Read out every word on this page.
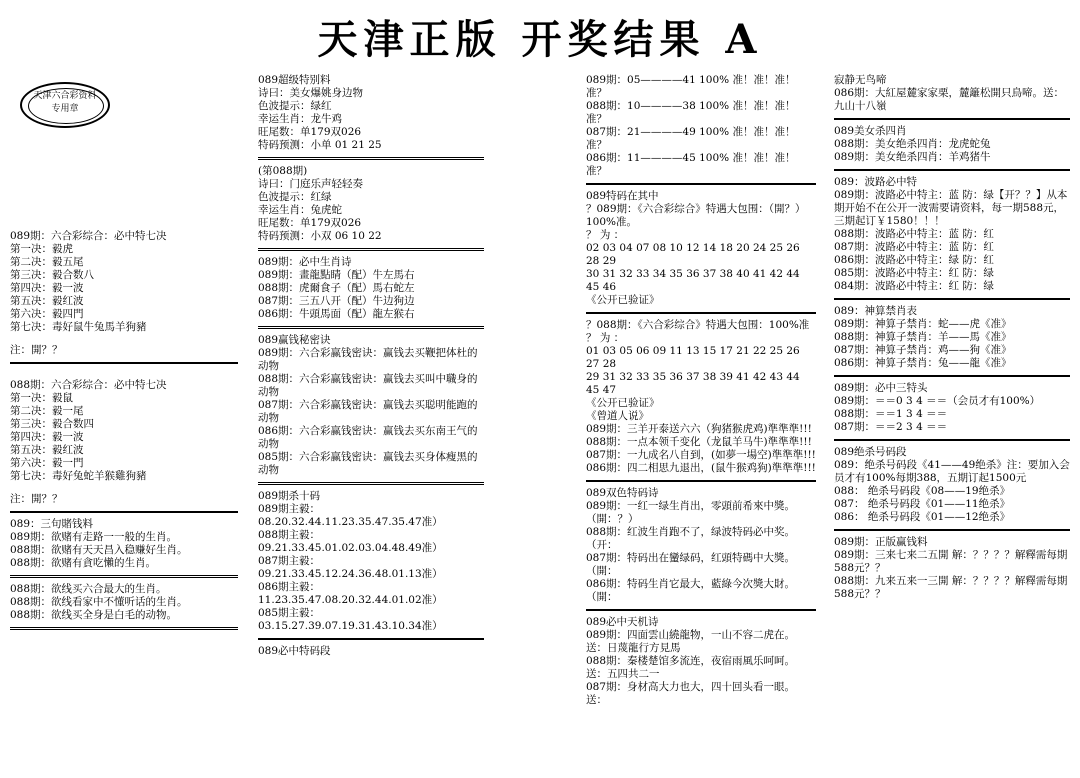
天津正版 开奖结果 A
天津六合彩资料
专用章

089期：六合彩综合：必中特七决

第一决：毅虎

第二决：毅五尾

第三决：毅合数八

第四决：毅一波

第五决：毅红波

第六决：毅四門

第七决：毒好鼠牛兔馬羊狗豬

注：開？？

088期：六合彩综合：必中特七决

第一决：毅鼠

第二决：毅一尾

第三决：毅合数四

第四决：毅一波

第五决：毅红波

第六决：毅一門

第七决：毒好兔蛇羊猴雞狗豬

注：開？？

089：三句賭钱料

089期：欲赌有走路一一般的生肖。

088期：欲赌有天天昌入稳赚好生肖。

088期：欲赌有貪吃懶的生肖。

088期：欲线买六合最大的生肖。

088期：欲线看家中不懂听话的生肖。

088期：欲线买全身是白毛的动物。

089超级特别料

诗曰：美女爆姚身边物

色波提示：绿红

幸运生肖：龙牛鸡

旺尾数：单179双026

特码预测：小单 01 21 25

(第088期)

诗曰：门庭乐声轻轻奏

色波提示：红绿

幸运生肖：兔虎蛇

旺尾数：单179双026

特码预测：小双 06 10 22

089期：必中生肖诗

089期：畫龍點睛（配）牛左馬右

088期：虎爾食子（配）馬右蛇左

087期：三五八开（配）牛边狗边

086期：牛頭馬面（配）龍左猴右

089赢钱秘密诀

089期：六合彩赢钱密诀：赢钱去买鞭把体杜的动物

088期：六合彩赢钱密诀：赢钱去买叫中職身的动物

087期：六合彩赢钱密诀：赢钱去买聪明能跑的动物

086期：六合彩赢钱密诀：赢钱去买东南王气的动物

085期：六合彩赢钱密诀：赢钱去买身体瘦黑的动物

089期杀十码

089期主毅： 08.20.32.44.11.23.35.47.35.47准）

088期主毅： 09.21.33.45.01.02.03.04.48.49准）

087期主毅： 09.21.33.45.12.24.36.48.01.13准）

086期主毅： 11.23.35.47.08.20.32.44.01.02准）

085期主毅： 03.15.27.39.07.19.31.43.10.34准）

089必中特码段

089期：05————41 100% 准！准！准！准？

088期：10————38 100% 准！准！准！准？

087期：21————49 100% 准！准！准！准？

086期：11————45 100% 准！准！准！准？

089特码在其中

？089期：《六合彩综合》特遇大包围：（開？）100%准。

？ 为 ：

02 03 04 07 08 10 12 14 18 20 24 25 26 28 29

30 31 32 33 34 35 36 37 38 40 41 42 44 45 46

《公开已验证》

？088期：《六合彩综合》特遇大包围：100%准

？ 为 ：

01 03 05 06 09 11 13 15 17 21 22 25 26 27 28

29 31 32 33 35 36 37 38 39 41 42 43 44 45 47

《公开已验证》

《曾道人说》

089期：三羊开泰送六六（狗猪猴虎鸡)準準準!!!

088期：一点本领千变化（龙鼠羊马牛)準準準!!!

087期：一九成名八自到，(如夢一場空)準準準!!!

086期：四二相思九退出，(鼠牛猴鸡狗)準準準!!!

089双色特码诗

089期：一红一绿生肖出，零頭前希來中獎。（開：？）

088期：红波生肖跑不了，绿波特码必中奖。（开：

087期：特码出在蠻绿码，红頭特碼中大獎。（開：

086期：特码生肖它最大，藍綠今次獎大財。（開：

089必中天机诗

089期：四面雲山繞龍物，一山不容二虎在。送：日蔑龍行方見馬

088期：秦楼楚馆多流连，夜宿雨風乐呵呵。送：五四共二一

087期：身材高大力也大，四十回头看一眼。送：

寂静无鸟啼

086期：大紅屋麓家家栗，麓籬松開只鳥啼。送：九山十八嶺

089美女杀四肖

088期：美女绝杀四肖：龙虎蛇兔

089期：美女绝杀四肖：羊鸡猪牛

089：波路必中特

089期：波路必中特主：蓝 防：绿【开？？】从本期开始不在公开一波需要请资料，每一期588元，三期起订￥1580！！！

088期：波路必中特主：蓝 防：红

087期：波路必中特主：蓝 防：红

086期：波路必中特主：绿 防：红

085期：波路必中特主：红 防：绿

084期：波路必中特主：红 防：绿

089：神算禁肖表

089期：神算子禁肖：蛇——虎《准》

088期：神算子禁肖：羊——馬《准》

087期：神算子禁肖：鸡——狗《准》

086期：神算子禁肖：兔——龍《准》

089期：必中三特头

089期：＝＝0 3 4 ＝＝（会员才有100%）

088期：＝＝1 3 4 ＝＝

087期：＝＝2 3 4 ＝＝

089绝杀号码段

089：绝杀号码段《41——49绝杀》注：要加入会员才有100%每期388，五期订起1500元

088： 绝杀号码段《08——19绝杀》

087： 绝杀号码段《01——11绝杀》

086： 绝杀号码段《01——12绝杀》

089期：正版赢钱料

089期：三来七来二五開 解：？？？？解釋需每期588元？？

088期：九来五来一三開 解：？？？？解釋需每期588元？？
